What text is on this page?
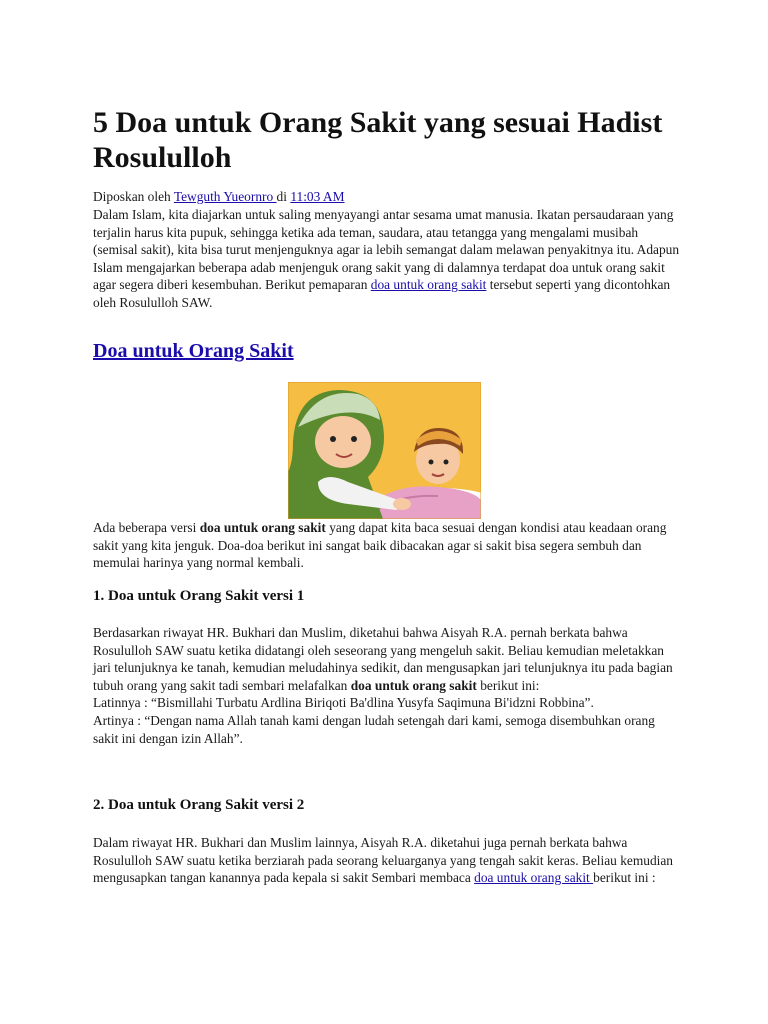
5 Doa untuk Orang Sakit yang sesuai Hadist Rosululloh
Diposkan oleh Tewguth Yueornro di 11:03 AM
Dalam Islam, kita diajarkan untuk saling menyayangi antar sesama umat manusia. Ikatan persaudaraan yang terjalin harus kita pupuk, sehingga ketika ada teman, saudara, atau tetangga yang mengalami musibah (semisal sakit), kita bisa turut menjenguknya agar ia lebih semangat dalam melawan penyakitnya itu. Adapun Islam mengajarkan beberapa adab menjenguk orang sakit yang di dalamnya terdapat doa untuk orang sakit agar segera diberi kesembuhan. Berikut pemaparan doa untuk orang sakit tersebut seperti yang dicontohkan oleh Rosululloh SAW.
Doa untuk Orang Sakit
Ada beberapa versi doa untuk orang sakit yang dapat kita baca sesuai dengan kondisi atau keadaan orang sakit yang kita jenguk. Doa-doa berikut ini sangat baik dibacakan agar si sakit bisa segera sembuh dan memulai harinya yang normal kembali.
1. Doa untuk Orang Sakit versi 1
Berdasarkan riwayat HR. Bukhari dan Muslim, diketahui bahwa Aisyah R.A. pernah berkata bahwa Rosululloh SAW suatu ketika didatangi oleh seseorang yang mengeluh sakit. Beliau kemudian meletakkan jari telunjuknya ke tanah, kemudian meludahinya sedikit, dan mengusapkan jari telunjuknya itu pada bagian tubuh orang yang sakit tadi sembari melafalkan doa untuk orang sakit berikut ini:
Latinnya : “Bismillahi Turbatu Ardlina Biriqoti Ba'dlina Yusyfa Saqimuna Bi'idzni Robbina”.
Artinya : “Dengan nama Allah tanah kami dengan ludah setengah dari kami, semoga disembuhkan orang sakit ini dengan izin Allah”.
2. Doa untuk Orang Sakit versi 2
Dalam riwayat HR. Bukhari dan Muslim lainnya, Aisyah R.A. diketahui juga pernah berkata bahwa Rosululloh SAW suatu ketika berziarah pada seorang keluarganya yang tengah sakit keras. Beliau kemudian mengusapkan tangan kanannya pada kepala si sakit Sembari membaca doa untuk orang sakit berikut ini :
